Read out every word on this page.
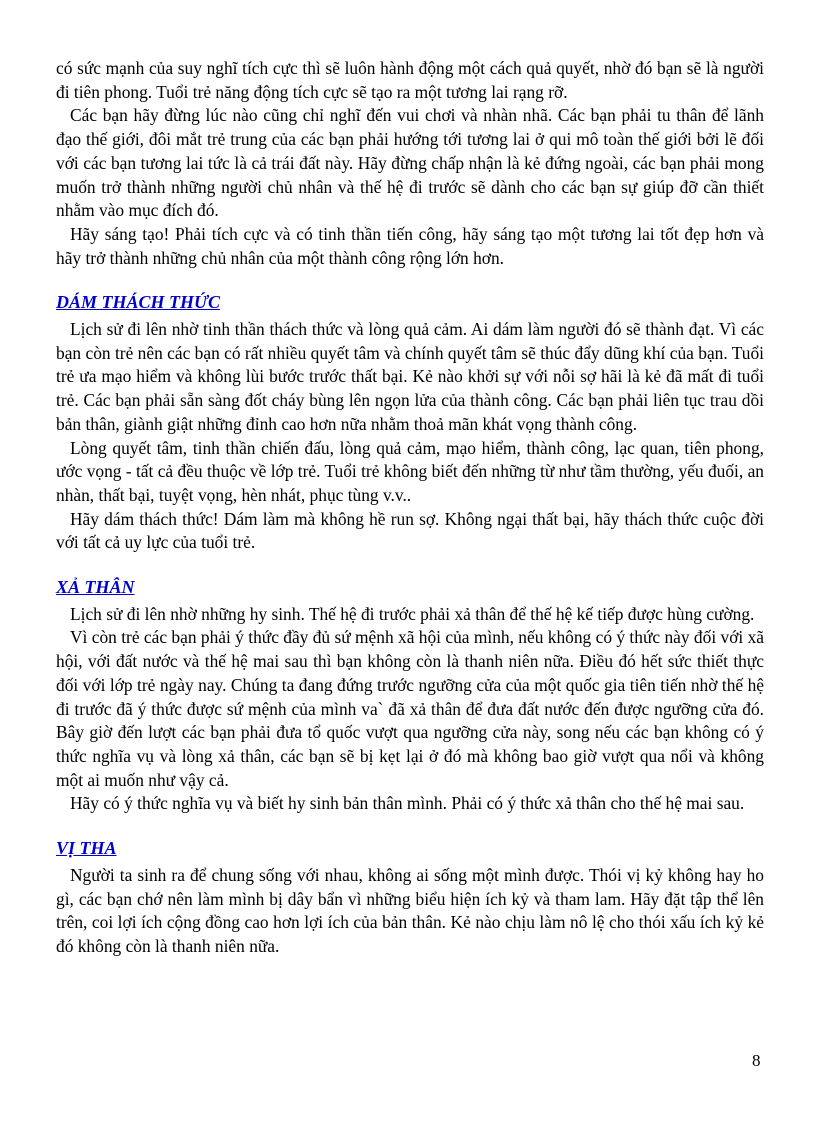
có sức mạnh của suy nghĩ tích cực thì sẽ luôn hành động một cách quả quyết, nhờ đó bạn sẽ là người đi tiên phong. Tuổi trẻ năng động tích cực sẽ tạo ra một tương lai rạng rỡ.

Các bạn hãy đừng lúc nào cũng chỉ nghĩ đến vui chơi và nhàn nhã. Các bạn phải tu thân để lãnh đạo thế giới, đôi mắt trẻ trung của các bạn phải hướng tới tương lai ở qui mô toàn thế giới bởi lẽ đối với các bạn tương lai tức là cả trái đất này. Hãy đừng chấp nhận là kẻ đứng ngoài, các bạn phải mong muốn trở thành những người chủ nhân và thế hệ đi trước sẽ dành cho các bạn sự giúp đỡ cần thiết nhằm vào mục đích đó.

Hãy sáng tạo! Phải tích cực và có tinh thần tiến công, hãy sáng tạo một tương lai tốt đẹp hơn và hãy trở thành những chủ nhân của một thành công rộng lớn hơn.

DÁM THÁCH THỨC

Lịch sử đi lên nhờ tinh thần thách thức và lòng quả cảm. Ai dám làm người đó sẽ thành đạt. Vì các bạn còn trẻ nên các bạn có rất nhiều quyết tâm và chính quyết tâm sẽ thúc đẩy dũng khí của bạn. Tuổi trẻ ưa mạo hiểm và không lùi bước trước thất bại. Kẻ nào khởi sự với nỗi sợ hãi là kẻ đã mất đi tuổi trẻ. Các bạn phải sẵn sàng đốt cháy bùng lên ngọn lửa của thành công. Các bạn phải liên tục trau dồi bản thân, giành giật những đỉnh cao hơn nữa nhằm thoả mãn khát vọng thành công.

Lòng quyết tâm, tinh thần chiến đấu, lòng quả cảm, mạo hiểm, thành công, lạc quan, tiên phong, ước vọng - tất cả đều thuộc về lớp trẻ. Tuổi trẻ không biết đến những từ như tầm thường, yếu đuối, an nhàn, thất bại, tuyệt vọng, hèn nhát, phục tùng v.v..

Hãy dám thách thức! Dám làm mà không hề run sợ. Không ngại thất bại, hãy thách thức cuộc đời với tất cả uy lực của tuổi trẻ.

XẢ THÂN

Lịch sử đi lên nhờ những hy sinh. Thế hệ đi trước phải xả thân để thế hệ kế tiếp được hùng cường.

Vì còn trẻ các bạn phải ý thức đầy đủ sứ mệnh xã hội của mình, nếu không có ý thức này đối với xã hội, với đất nước và thế hệ mai sau thì bạn không còn là thanh niên nữa. Điều đó hết sức thiết thực đối với lớp trẻ ngày nay. Chúng ta đang đứng trước ngưỡng cửa của một quốc gia tiên tiến nhờ thế hệ đi trước đã ý thức được sứ mệnh của mình va` đã xả thân để đưa đất nước đến được ngưỡng cửa đó. Bây giờ đến lượt các bạn phải đưa tổ quốc vượt qua ngưỡng cửa này, song nếu các bạn không có ý thức nghĩa vụ và lòng xả thân, các bạn sẽ bị kẹt lại ở đó mà không bao giờ vượt qua nổi và không một ai muốn như vậy cả.

Hãy có ý thức nghĩa vụ và biết hy sinh bản thân mình. Phải có ý thức xả thân cho thế hệ mai sau.

VỊ THA

Người ta sinh ra để chung sống với nhau, không ai sống một mình được. Thói vị kỷ không hay ho gì, các bạn chớ nên làm mình bị dây bẩn vì những biểu hiện ích kỷ và tham lam. Hãy đặt tập thể lên trên, coi lợi ích cộng đồng cao hơn lợi ích của bản thân. Kẻ nào chịu làm nô lệ cho thói xấu ích kỷ kẻ đó không còn là thanh niên nữa.

8
